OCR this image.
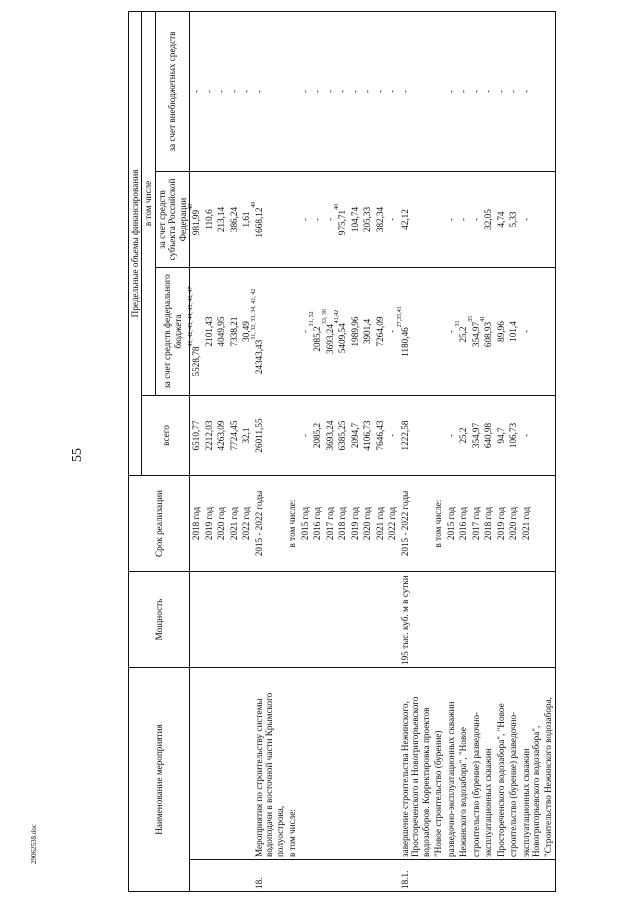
55
29062538.doc
Наименование мероприятия		Мощность	Срок реализации	Предельные объемы финансирования			
				всего	в том числе		
					за счет средств федерального бюджета	за счет средств субъекта Российской Федерации	за счет внебюджетных средств
			2018 год	6510,77	5528,78$^{41, 42, 43, 44, 45, 46, 47}$	981,99$^{40}$	-
			2019 год	2212,03	2101,43	110,6	-
			2020 год	4263,09	4049,95	213,14	-
			2021 год	7724,45	7338,21	386,24	-
			2022 год	32,1	30,49	1,61	-
18.	Мероприятия по строительству системы водоподачи в восточной части Крымского полуострова,		2015 - 2022 годы	26011,55	24343,43$^{31, 32, 33, 34, 41, 42}$	1668,12$^{40}$	-
	в том числе:		в том числе:				
			2015 год	-	-	-	-
			2016 год	2085,2	2085,2$^{31, 32}$	-	-
			2017 год	3693,24	3693,24$^{33, 36}$	-	-
			2018 год	6385,25	5409,54$^{41,42}$	975,71$^{40}$	-
			2019 год	2094,7	1989,96	104,74	-
			2020 год	4106,73	3901,4	205,33	-
			2021 год	7646,43	7264,09	382,34	-
			2022 год	-	-	-	-
18.1.	завершение строительства Нежинского, Простореченского и Новогригорьевского водозаборов. Корректировка проектов	195 тыс. куб. м в сутки	2015 - 2022 годы	1222,58	1180,46$^{27,35,41}$	42,12	-
	"Новое строительство (бурение)		в том числе:				
	разведочно-эксплуатационных скважин		2015 год	-	-	-	-
	Нежинского водозабора", "Новое		2016 год	25,2	25,2$^{31}$	-	-
	строительство (бурение) разведочно-		2017 год	354,97	354,97$^{35}$	-	-
	эксплуатационных скважин		2018 год	640,98	608,93$^{41}$	32,05	-
	Простореченского водозабора", "Новое		2019 год	94,7	89,96	4,74	-
	строительство (бурение) разведочно-		2020 год	106,73	101,4	5,33	-
	эксплуатационных скважин Новогригорьевского водозабора",		2021 год	-	-	-	-
	"Строительство Нежинского водозабора,						
